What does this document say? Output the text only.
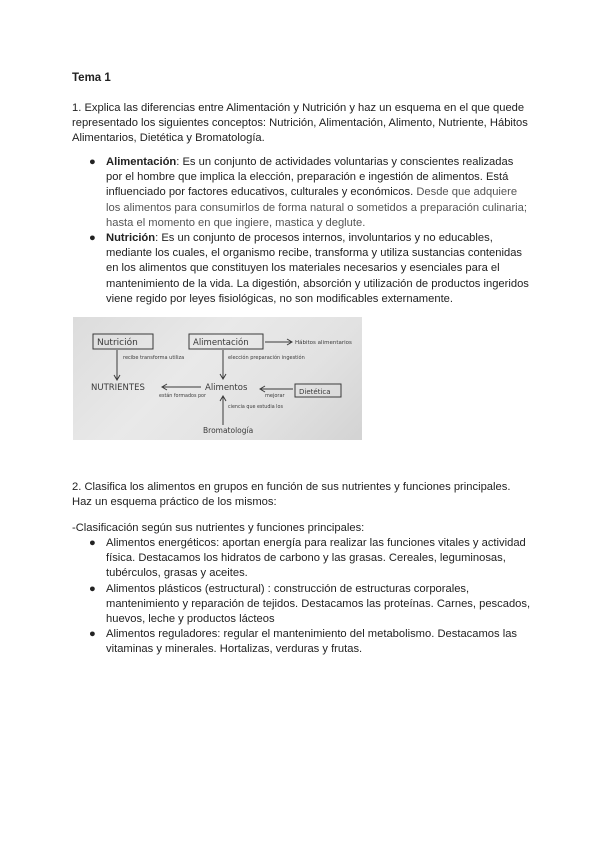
Tema 1

1. Explica las diferencias entre Alimentación y Nutrición y haz un esquema en el que quede representado los siguientes conceptos: Nutrición, Alimentación, Alimento, Nutriente, Hábitos Alimentarios, Dietética y Bromatología.

● Alimentación: Es un conjunto de actividades voluntarias y conscientes realizadas por el hombre que implica la elección, preparación e ingestión de alimentos. Está influenciado por factores educativos, culturales y económicos. Desde que adquiere los alimentos para consumirlos de forma natural o sometidos a preparación culinaria; hasta el momento en que ingiere, mastica y deglute.
● Nutrición: Es un conjunto de procesos internos, involuntarios y no educables, mediante los cuales, el organismo recibe, transforma y utiliza sustancias contenidas en los alimentos que constituyen los materiales necesarios y esenciales para el mantenimiento de la vida. La digestión, absorción y utilización de productos ingeridos viene regido por leyes fisiológicas, no son modificables externamente.
Nutrición	Alimentación
recibe transforma utiliza	elección preparación ingestión
Hábitos alimentarios
NUTRIENTES	Alimentos	Dietética
mejorar
están formados por
ciencia que estudia los
Bromatología

2. Clasifica los alimentos en grupos en función de sus nutrientes y funciones principales. Haz un esquema práctico de los mismos:

-Clasificación según sus nutrientes y funciones principales:

● Alimentos energéticos: aportan energía para realizar las funciones vitales y actividad física. Destacamos los hidratos de carbono y las grasas. Cereales, leguminosas, tubérculos, grasas y aceites.
● Alimentos plásticos (estructural) : construcción de estructuras corporales, mantenimiento y reparación de tejidos. Destacamos las proteínas. Carnes, pescados, huevos, leche y productos lácteos
● Alimentos reguladores: regular el mantenimiento del metabolismo. Destacamos las vitaminas y minerales. Hortalizas, verduras y frutas.
